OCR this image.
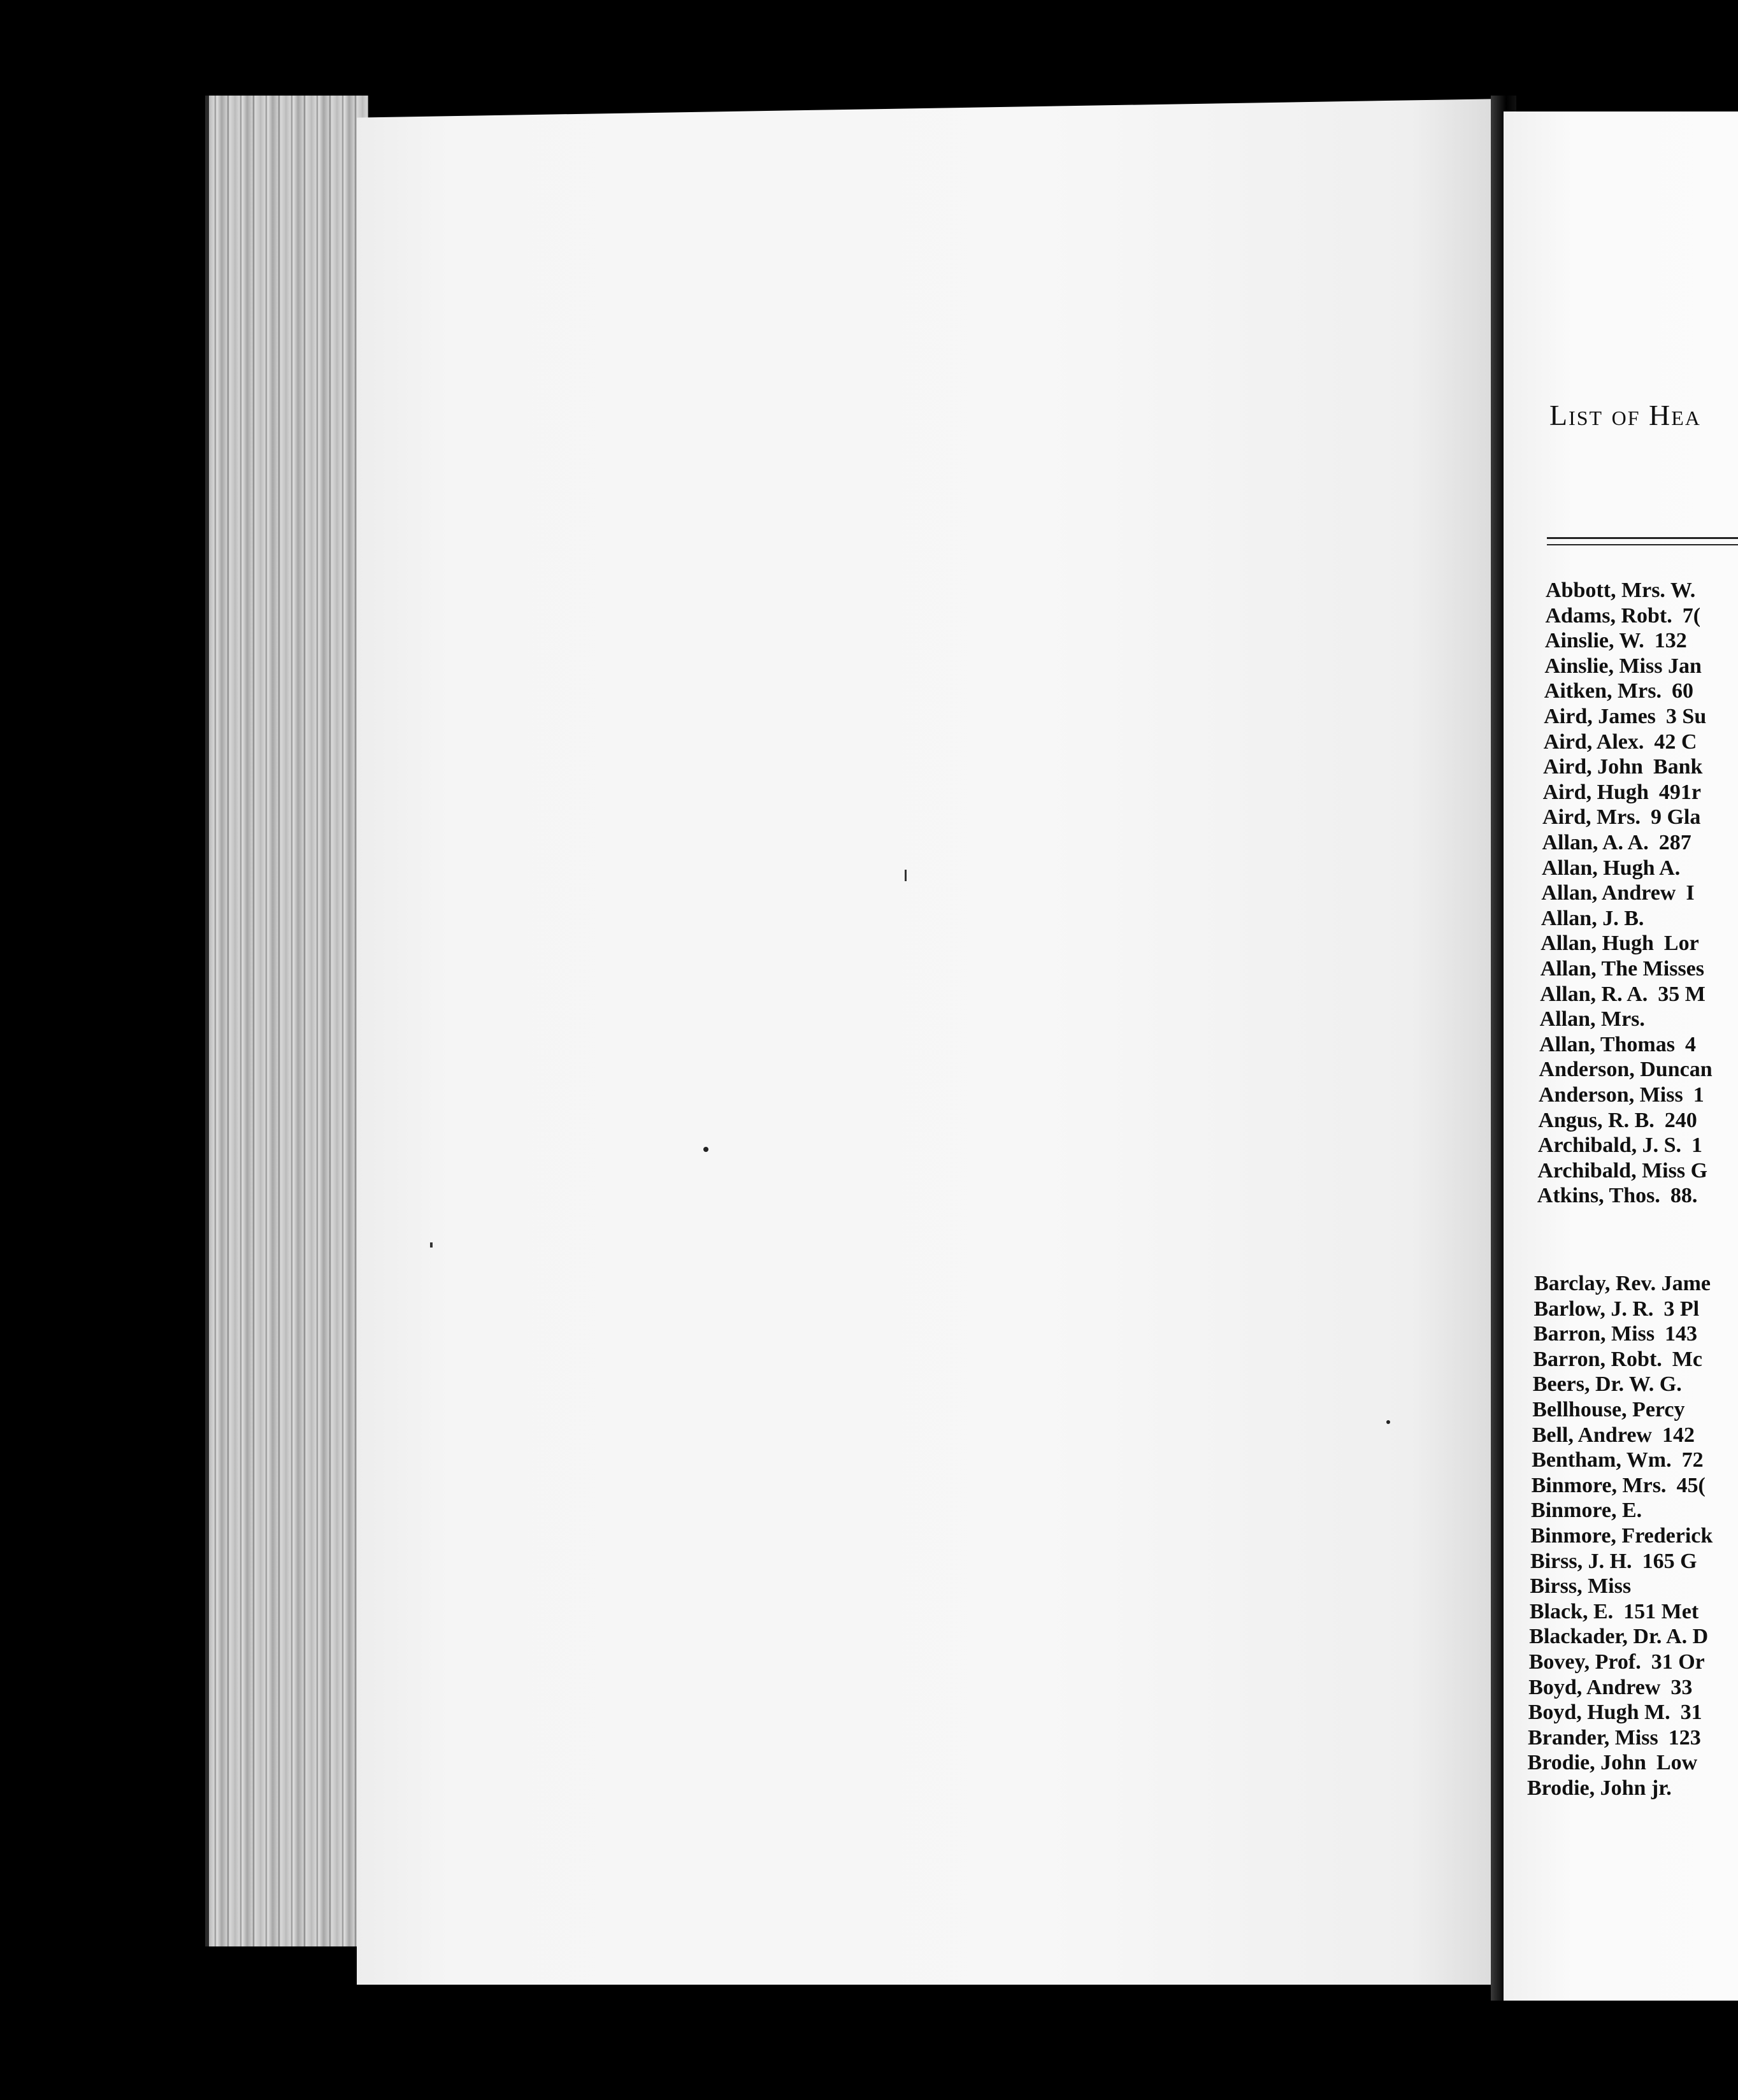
List of Hea
Abbott, Mrs. W.
Adams, Robt. 7(
Ainslie, W. 132
Ainslie, Miss Jan
Aitken, Mrs. 60
Aird, James 3 Su
Aird, Alex. 42 C
Aird, John Bank
Aird, Hugh 491r
Aird, Mrs. 9 Gla
Allan, A. A. 287
Allan, Hugh A.
Allan, Andrew I
Allan, J. B.
Allan, Hugh Lor
Allan, The Misses
Allan, R. A. 35 M
Allan, Mrs.
Allan, Thomas 4
Anderson, Duncan
Anderson, Miss 1
Angus, R. B. 240
Archibald, J. S. 1
Archibald, Miss G
Atkins, Thos. 88.
Barclay, Rev. Jame
Barlow, J. R. 3 Pl
Barron, Miss 143
Barron, Robt. Mc
Beers, Dr. W. G.
Bellhouse, Percy
Bell, Andrew 142
Bentham, Wm. 72
Binmore, Mrs. 45(
Binmore, E.
Binmore, Frederick
Birss, J. H. 165 G
Birss, Miss
Black, E. 151 Met
Blackader, Dr. A. D
Bovey, Prof. 31 Or
Boyd, Andrew 33
Boyd, Hugh M. 31
Brander, Miss 123
Brodie, John Low
Brodie, John jr.
